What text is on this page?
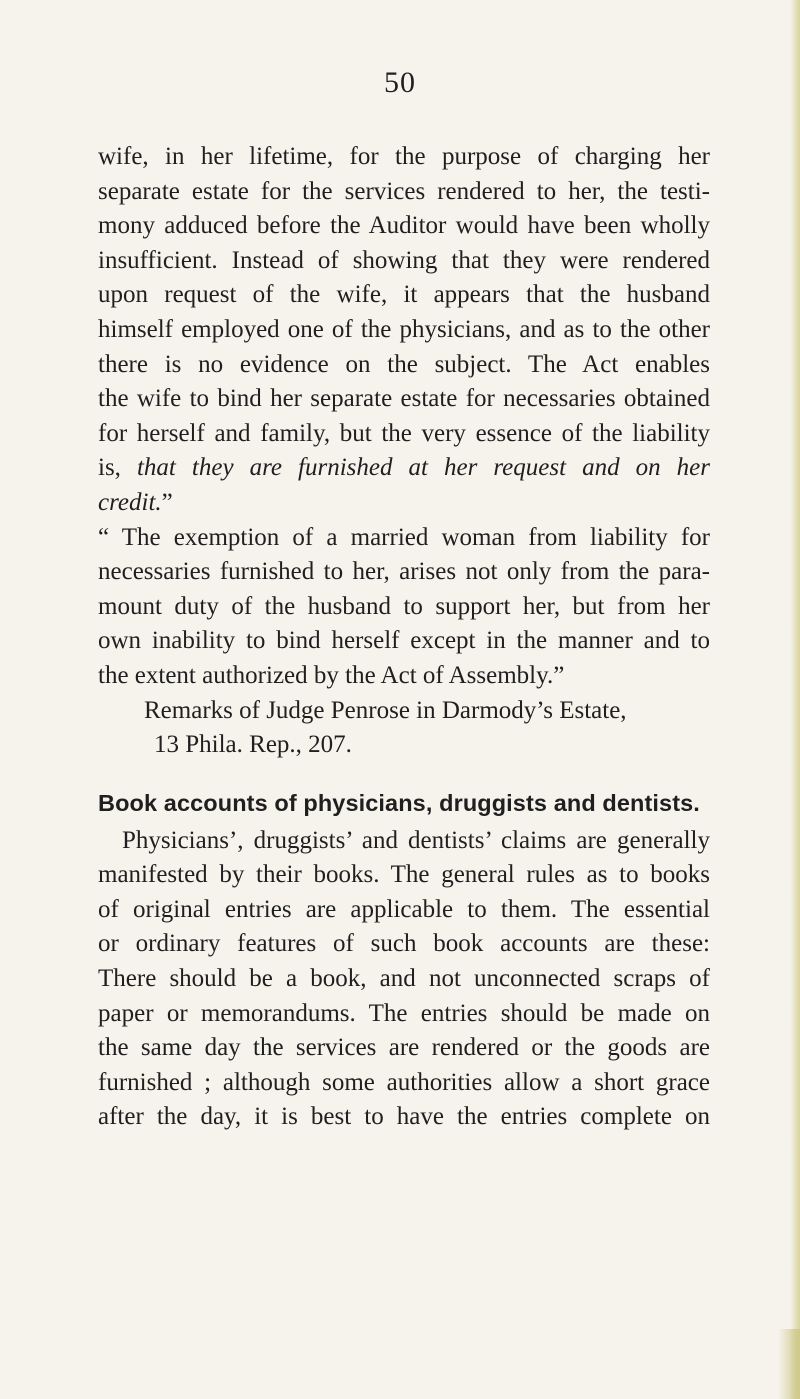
50
wife, in her lifetime, for the purpose of charging her
separate estate for the services rendered to her, the testi-
mony adduced before the Auditor would have been wholly
insufficient. Instead of showing that they were rendered
upon request of the wife, it appears that the husband
himself employed one of the physicians, and as to the other
there is no evidence on the subject. The Act enables
the wife to bind her separate estate for necessaries obtained
for herself and family, but the very essence of the liability
is, that they are furnished at her request and on her
credit.”
“ The exemption of a married woman from liability for
necessaries furnished to her, arises not only from the para-
mount duty of the husband to support her, but from her
own inability to bind herself except in the manner and to
the extent authorized by the Act of Assembly.”
Remarks of Judge Penrose in Darmody’s Estate,
13 Phila. Rep., 207.
Book accounts of physicians, druggists and dentists.
Physicians’, druggists’ and dentists’ claims are generally
manifested by their books. The general rules as to books
of original entries are applicable to them. The essential
or ordinary features of such book accounts are these:
There should be a book, and not unconnected scraps of
paper or memorandums. The entries should be made on
the same day the services are rendered or the goods are
furnished ; although some authorities allow a short grace
after the day, it is best to have the entries complete on
